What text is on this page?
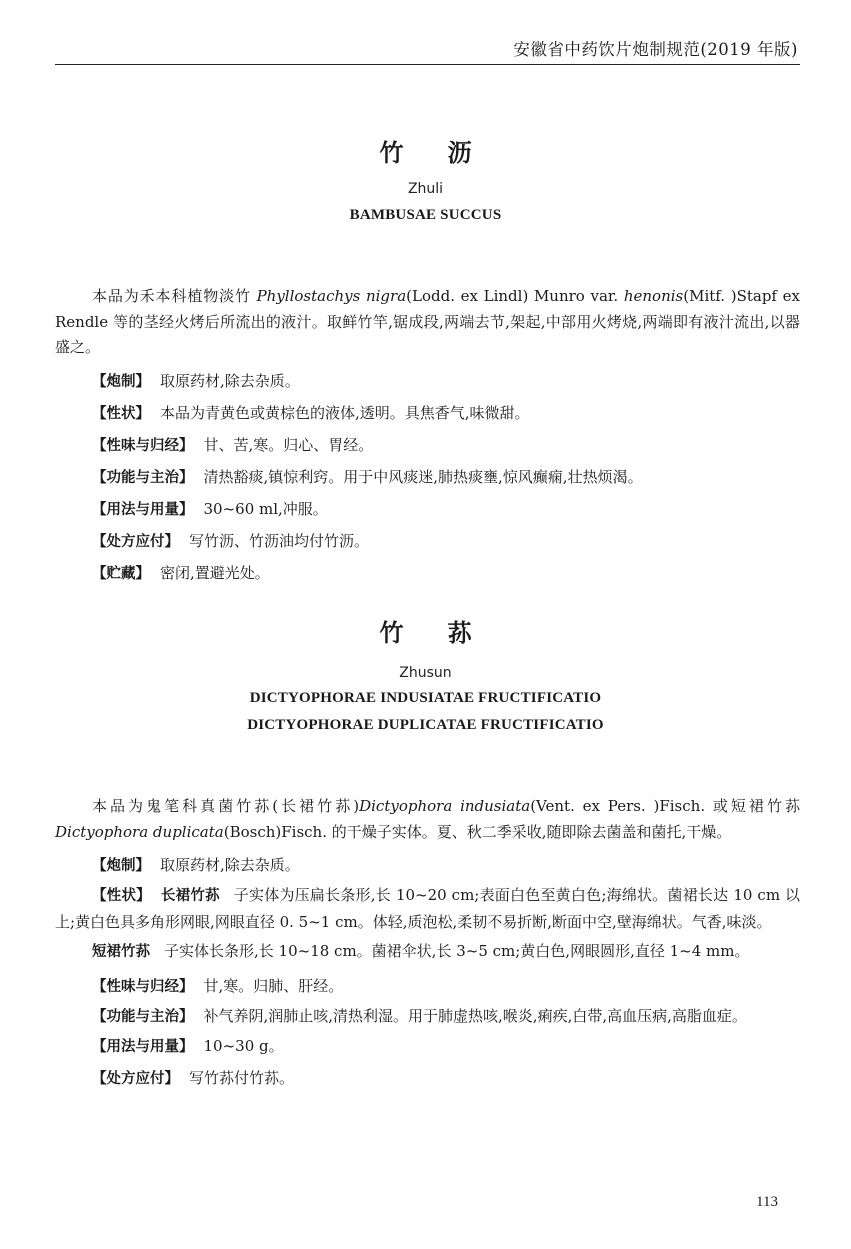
安徽省中药饮片炮制规范(2019 年版)
竹沥
Zhuli
BAMBUSAE SUCCUS

本品为禾本科植物淡竹 Phyllostachys nigra(Lodd. ex Lindl) Munro var. henonis(Mitf. )Stapf ex Rendle 等的茎经火烤后所流出的液汁。取鲜竹竿,锯成段,两端去节,架起,中部用火烤烧,两端即有液汁流出,以器盛之。

【炮制】 取原药材,除去杂质。
【性状】 本品为青黄色或黄棕色的液体,透明。具焦香气,味微甜。
【性味与归经】 甘、苦,寒。归心、胃经。
【功能与主治】 清热豁痰,镇惊利窍。用于中风痰迷,肺热痰壅,惊风癫痫,壮热烦渴。
【用法与用量】 30~60 ml,冲服。
【处方应付】 写竹沥、竹沥油均付竹沥。
【贮藏】 密闭,置避光处。
竹荪
Zhusun
DICTYOPHORAE INDUSIATAE FRUCTIFICATIO
DICTYOPHORAE DUPLICATAE FRUCTIFICATIO

本品为鬼笔科真菌竹荪(长裙竹荪)Dictyophora indusiata(Vent. ex Pers. )Fisch. 或短裙竹荪 Dictyophora duplicata(Bosch)Fisch. 的干燥子实体。夏、秋二季采收,随即除去菌盖和菌托,干燥。

【炮制】 取原药材,除去杂质。

【性状】 长裙竹荪 子实体为压扁长条形,长 10~20 cm;表面白色至黄白色;海绵状。菌裙长达 10 cm 以上;黄白色具多角形网眼,网眼直径 0. 5~1 cm。体轻,质泡松,柔韧不易折断,断面中空,壁海绵状。气香,味淡。

短裙竹荪 子实体长条形,长 10~18 cm。菌裙伞状,长 3~5 cm;黄白色,网眼圆形,直径 1~4 mm。

【性味与归经】 甘,寒。归肺、肝经。

【功能与主治】 补气养阴,润肺止咳,清热利湿。用于肺虚热咳,喉炎,痢疾,白带,高血压病,高脂血症。

【用法与用量】 10~30 g。
【处方应付】 写竹荪付竹荪。
113
